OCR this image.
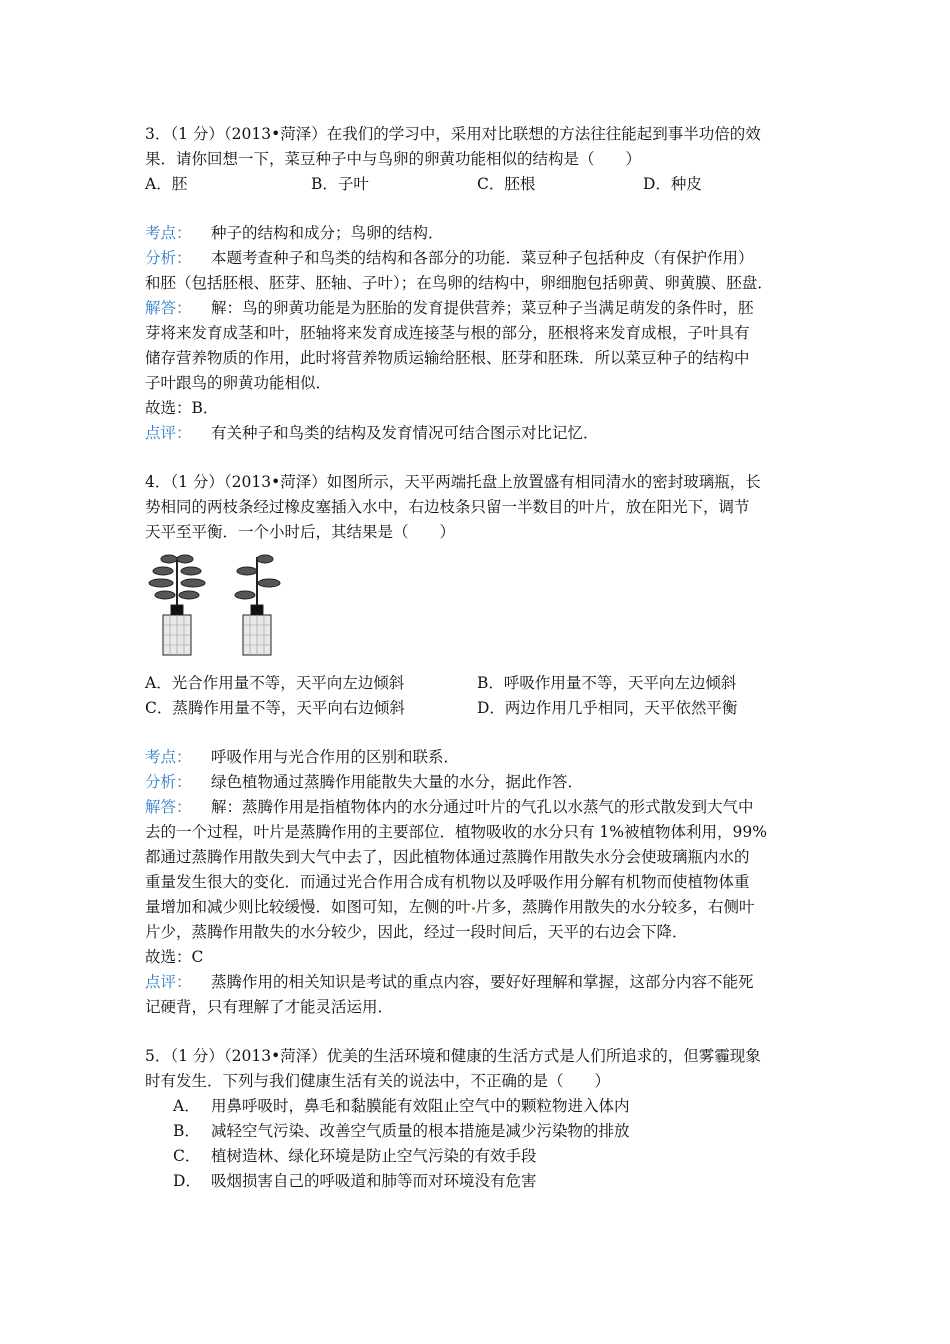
3．（1 分）（2013•菏泽）在我们的学习中，采用对比联想的方法往往能起到事半功倍的效
果．请你回想一下，菜豆种子中与鸟卵的卵黄功能相似的结构是（　　）
A．胚	B．子叶	C．胚根	D．种皮
考点： 种子的结构和成分；鸟卵的结构．
分析： 本题考查种子和鸟类的结构和各部分的功能．菜豆种子包括种皮（有保护作用）
和胚（包括胚根、胚芽、胚轴、子叶）；在鸟卵的结构中，卵细胞包括卵黄、卵黄膜、胚盘．
解答： 解：鸟的卵黄功能是为胚胎的发育提供营养；菜豆种子当满足萌发的条件时，胚
芽将来发育成茎和叶，胚轴将来发育成连接茎与根的部分，胚根将来发育成根，子叶具有
储存营养物质的作用，此时将营养物质运输给胚根、胚芽和胚珠．所以菜豆种子的结构中
子叶跟鸟的卵黄功能相似．
故选：B．
点评： 有关种子和鸟类的结构及发育情况可结合图示对比记忆．
4．（1 分）（2013•菏泽）如图所示，天平两端托盘上放置盛有相同清水的密封玻璃瓶，长
势相同的两枝条经过橡皮塞插入水中，右边枝条只留一半数目的叶片，放在阳光下，调节
天平至平衡．一个小时后，其结果是（　　）
A．光合作用量不等，天平向左边倾斜	B．呼吸作用量不等，天平向左边倾斜
C．蒸腾作用量不等，天平向右边倾斜	D．两边作用几乎相同，天平依然平衡
考点： 呼吸作用与光合作用的区别和联系．
分析： 绿色植物通过蒸腾作用能散失大量的水分，据此作答．
解答： 解：蒸腾作用是指植物体内的水分通过叶片的气孔以水蒸气的形式散发到大气中
去的一个过程，叶片是蒸腾作用的主要部位．植物吸收的水分只有 1%被植物体利用，99%
都通过蒸腾作用散失到大气中去了，因此植物体通过蒸腾作用散失水分会使玻璃瓶内水的
重量发生很大的变化．而通过光合作用合成有机物以及呼吸作用分解有机物而使植物体重
量增加和减少则比较缓慢．如图可知，左侧的叶 片多，蒸腾作用散失的水分较多，右侧叶
片少，蒸腾作用散失的水分较少，因此，经过一段时间后，天平的右边会下降．
故选：C
点评： 蒸腾作用的相关知识是考试的重点内容，要好好理解和掌握，这部分内容不能死
记硬背，只有理解了才能灵活运用．
5．（1 分）（2013•菏泽）优美的生活环境和健康的生活方式是人们所追求的，但雾霾现象
时有发生．下列与我们健康生活有关的说法中，不正确的是（　　）
A． 用鼻呼吸时，鼻毛和黏膜能有效阻止空气中的颗粒物进入体内
B． 减轻空气污染、改善空气质量的根本措施是减少污染物的排放
C． 植树造林、绿化环境是防止空气污染的有效手段
D． 吸烟损害自己的呼吸道和肺等而对环境没有危害
